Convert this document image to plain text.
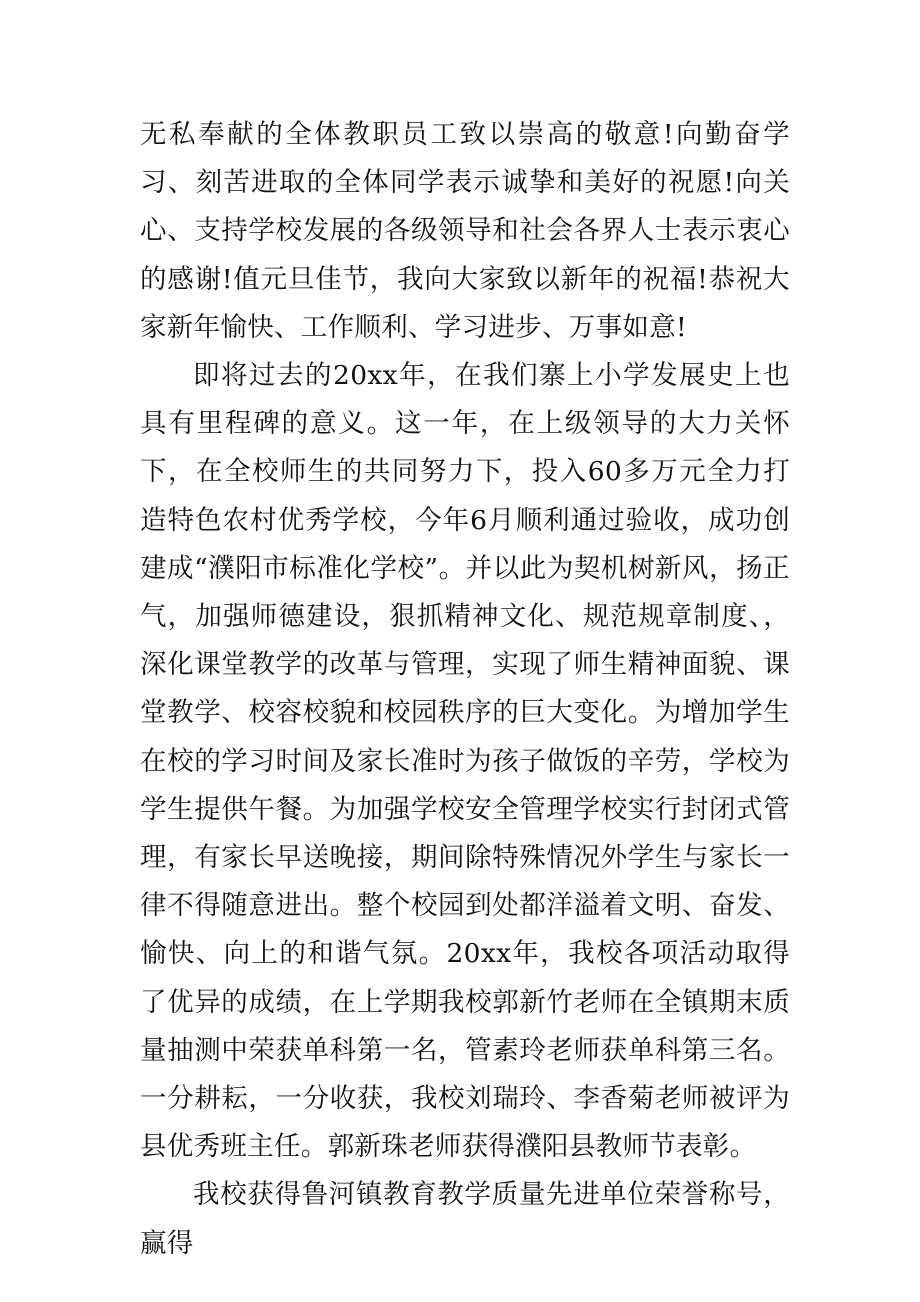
无私奉献的全体教职员工致以崇高的敬意!向勤奋学习、刻苦进取的全体同学表示诚挚和美好的祝愿!向关心、支持学校发展的各级领导和社会各界人士表示衷心的感谢!值元旦佳节，我向大家致以新年的祝福!恭祝大家新年愉快、工作顺利、学习进步、万事如意!

即将过去的20xx年，在我们寨上小学发展史上也具有里程碑的意义。这一年，在上级领导的大力关怀下，在全校师生的共同努力下，投入60多万元全力打造特色农村优秀学校，今年6月顺利通过验收，成功创建成“濮阳市标准化学校”。并以此为契机树新风，扬正气，加强师德建设，狠抓精神文化、规范规章制度、，深化课堂教学的改革与管理，实现了师生精神面貌、课堂教学、校容校貌和校园秩序的巨大变化。为增加学生在校的学习时间及家长准时为孩子做饭的辛劳，学校为学生提供午餐。为加强学校安全管理学校实行封闭式管理，有家长早送晚接，期间除特殊情况外学生与家长一律不得随意进出。整个校园到处都洋溢着文明、奋发、愉快、向上的和谐气氛。20xx年，我校各项活动取得了优异的成绩，在上学期我校郭新竹老师在全镇期末质量抽测中荣获单科第一名，管素玲老师获单科第三名。一分耕耘，一分收获，我校刘瑞玲、李香菊老师被评为县优秀班主任。郭新珠老师获得濮阳县教师节表彰。

我校获得鲁河镇教育教学质量先进单位荣誉称号，赢得
